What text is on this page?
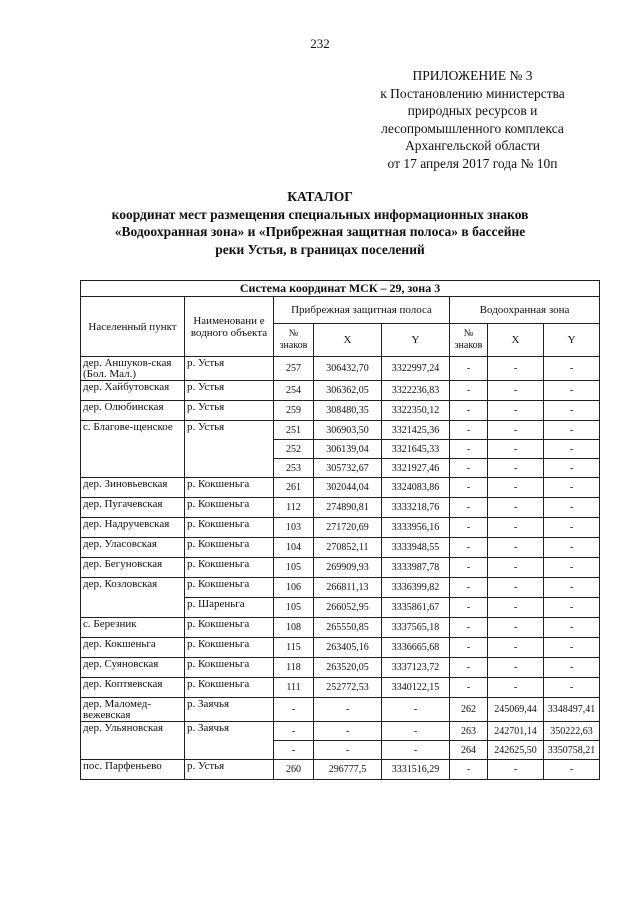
232
ПРИЛОЖЕНИЕ № 3
к Постановлению министерства
природных ресурсов и
лесопромышленного комплекса
Архангельской области
от 17 апреля 2017 года № 10п
КАТАЛОГ
координат мест размещения специальных информационных знаков
«Водоохранная зона» и «Прибрежная защитная полоса» в бассейне
реки Устья, в границах поселений
Система координат МСК – 29, зона 3							
Населенный пункт	Наименовани е водного объекта	Прибрежная защитная полоса			Водоохранная зона		
		№ знаков	X	Y	№ знаков	X	Y
дер. Аншуков-ская (Бол. Мал.)	р. Устья	257	306432,70	3322997,24	-	-	-
дер. Хайбутовская	р. Устья	254	306362,05	3322236,83	-	-	-
дер. Олюбинская	р. Устья	259	308480,35	3322350,12	-	-	-
с. Благове-щенское	р. Устья	251	306903,50	3321425,36	-	-	-
		252	306139,04	3321645,33	-	-	-
		253	305732,67	3321927,46	-	-	-
дер. Зиновьевская	р. Кокшеньга	261	302044,04	3324083,86	-	-	-
дер. Пугачевская	р. Кокшеньга	112	274890,81	3333218,76	-	-	-
дер. Надручевская	р. Кокшеньга	103	271720,69	3333956,16	-	-	-
дер. Уласовская	р. Кокшеньга	104	270852,11	3333948,55	-	-	-
дер. Бегуновская	р. Кокшеньга	105	269909,93	3333987,78	-	-	-
дер. Козловская	р. Кокшеньга	106	266811,13	3336399,82	-	-	-
	р. Шареньга	105	266052,95	3335861,67	-	-	-
с. Березник	р. Кокшеньга	108	265550,85	3337565,18	-	-	-
дер. Кокшеньга	р. Кокшеньга	115	263405,16	3336665,68	-	-	-
дер. Суяновская	р. Кокшеньга	118	263520,05	3337123,72	-	-	-
дер. Коптяевская	р. Кокшеньга	111	252772,53	3340122,15	-	-	-
дер. Маломед-вежевская	р. Заячья	-	-	-	262	245069,44	3348497,41
дер. Ульяновская	р. Заячья	-	-	-	263	242701,14	350222,63
		-	-	-	264	242625,50	3350758,21
пос. Парфеньево	р. Устья	260	296777,5	3331516,29	-	-	-
